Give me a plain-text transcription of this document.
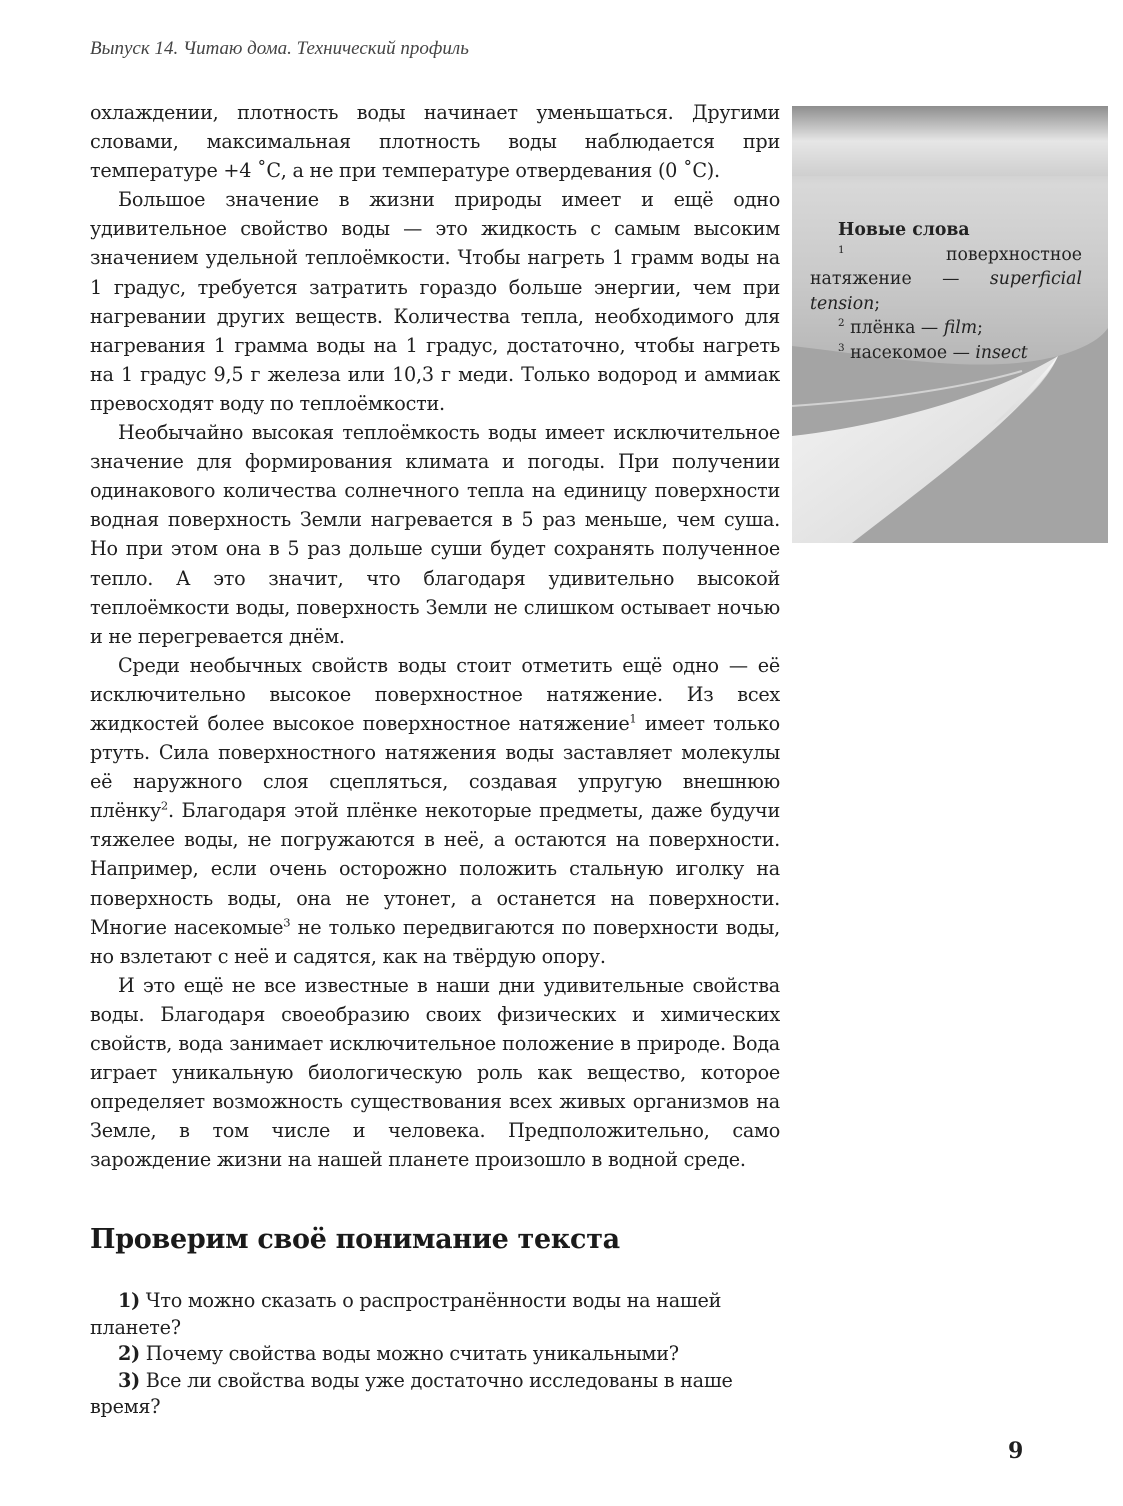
Выпуск 14. Читаю дома. Технический профиль

охлаждении, плотность воды начинает уменьшаться. Другими словами, максимальная плотность воды наблюдается при температуре +4 ˚С, а не при температуре отвердевания (0 ˚С).

Большое значение в жизни природы имеет и ещё одно удивительное свойство воды — это жидкость с самым высоким значением удельной теплоёмкости. Чтобы нагреть 1 грамм воды на 1 градус, требуется затратить гораздо больше энергии, чем при нагревании других веществ. Количества тепла, необходимого для нагревания 1 грамма воды на 1 градус, достаточно, чтобы нагреть на 1 градус 9,5 г железа или 10,3 г меди. Только водород и аммиак превосходят воду по теплоёмкости.

Необычайно высокая теплоёмкость воды имеет исключительное значение для формирования климата и погоды. При получении одинакового количества солнечного тепла на единицу поверхности водная поверхность Земли нагревается в 5 раз меньше, чем суша. Но при этом она в 5 раз дольше суши будет сохранять полученное тепло. А это значит, что благодаря удивительно высокой теплоёмкости воды, поверхность Земли не слишком остывает ночью и не перегревается днём.

Среди необычных свойств воды стоит отметить ещё одно — её исключительно высокое поверхностное натяжение. Из всех жидкостей более высокое поверхностное натяжение$^1$ имеет только ртуть. Сила поверхностного натяжения воды заставляет молекулы её наружного слоя сцепляться, создавая упругую внешнюю плёнку$^2$. Благодаря этой плёнке некоторые предметы, даже будучи тяжелее воды, не погружаются в неё, а остаются на поверхности. Например, если очень осторожно положить стальную иголку на поверхность воды, она не утонет, а останется на поверхности. Многие насекомые$^3$ не только передвигаются по поверхности воды, но взлетают с неё и садятся, как на твёрдую опору.

И это ещё не все известные в наши дни удивительные свойства воды. Благодаря своеобразию своих физических и химических свойств, вода занимает исключительное положение в природе. Вода играет уникальную биологическую роль как вещество, которое определяет возможность существования всех живых организмов на Земле, в том числе и человека. Предположительно, само зарождение жизни на нашей планете произошло в водной среде.

Новые слова
$^1$ поверхностное натяжение — superficial tension;
$^2$ плёнка — film;
$^3$ насекомое — insect
Проверим своё понимание текста

1) Что можно сказать о распространённости воды на нашей планете?

2) Почему свойства воды можно считать уникальными?

3) Все ли свойства воды уже достаточно исследованы в наше время?

9
